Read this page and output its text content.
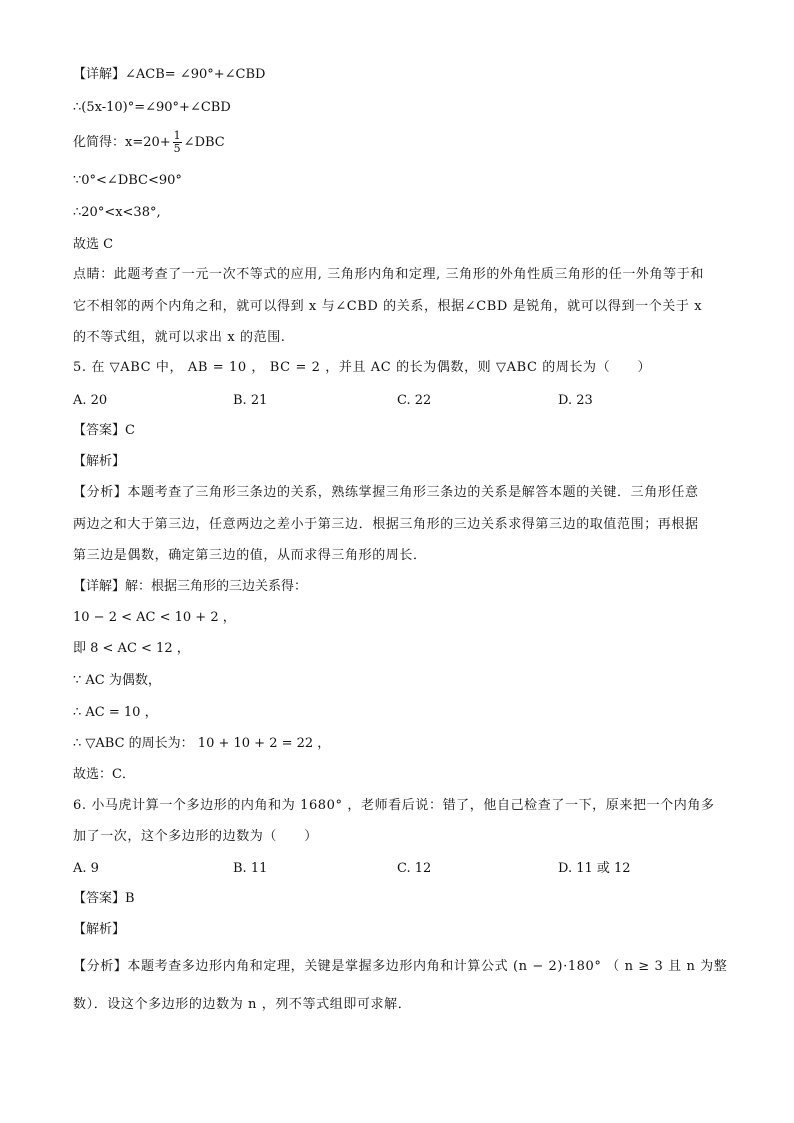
【详解】∠ACB= ∠90°+∠CBD
∴(5x-10)°=∠90°+∠CBD
化简得：$x=20+ \frac{1}{5}$ ∠DBC
∵0°<∠DBC<90°
∴20°<x<38°,
故选 C
点睛：此题考查了一元一次不等式的应用, 三角形内角和定理, 三角形的外角性质三角形的任一外角等于和
它不相邻的两个内角之和，就可以得到 x 与∠CBD 的关系，根据∠CBD 是锐角，就可以得到一个关于 x
的不等式组，就可以求出 x 的范围.
5. 在 ▽ABC 中， AB = 10 ， BC = 2 ，并且 AC 的长为偶数，则 ▽ABC 的周长为（　　）
A. 20	B. 21	C. 22	D. 23
【答案】C
【解析】
【分析】本题考查了三角形三条边的关系，熟练掌握三角形三条边的关系是解答本题的关键．三角形任意
两边之和大于第三边，任意两边之差小于第三边．根据三角形的三边关系求得第三边的取值范围；再根据
第三边是偶数，确定第三边的值，从而求得三角形的周长．
【详解】解：根据三角形的三边关系得：
10 − 2 < AC < 10 + 2 ，
即 8 < AC < 12 ，
∵ AC 为偶数，
∴ AC = 10 ，
∴ ▽ABC 的周长为： 10 + 10 + 2 = 22 ，
故选：C．
6. 小马虎计算一个多边形的内角和为 1680° ，老师看后说：错了，他自己检查了一下，原来把一个内角多
加了一次，这个多边形的边数为（　　）
A. 9	B. 11	C. 12	D. 11 或 12
【答案】B
【解析】
【分析】本题考查多边形内角和定理，关键是掌握多边形内角和计算公式 (n − 2)·180° （ n ≥ 3 且 n 为整
数）．设这个多边形的边数为 n ，列不等式组即可求解．
